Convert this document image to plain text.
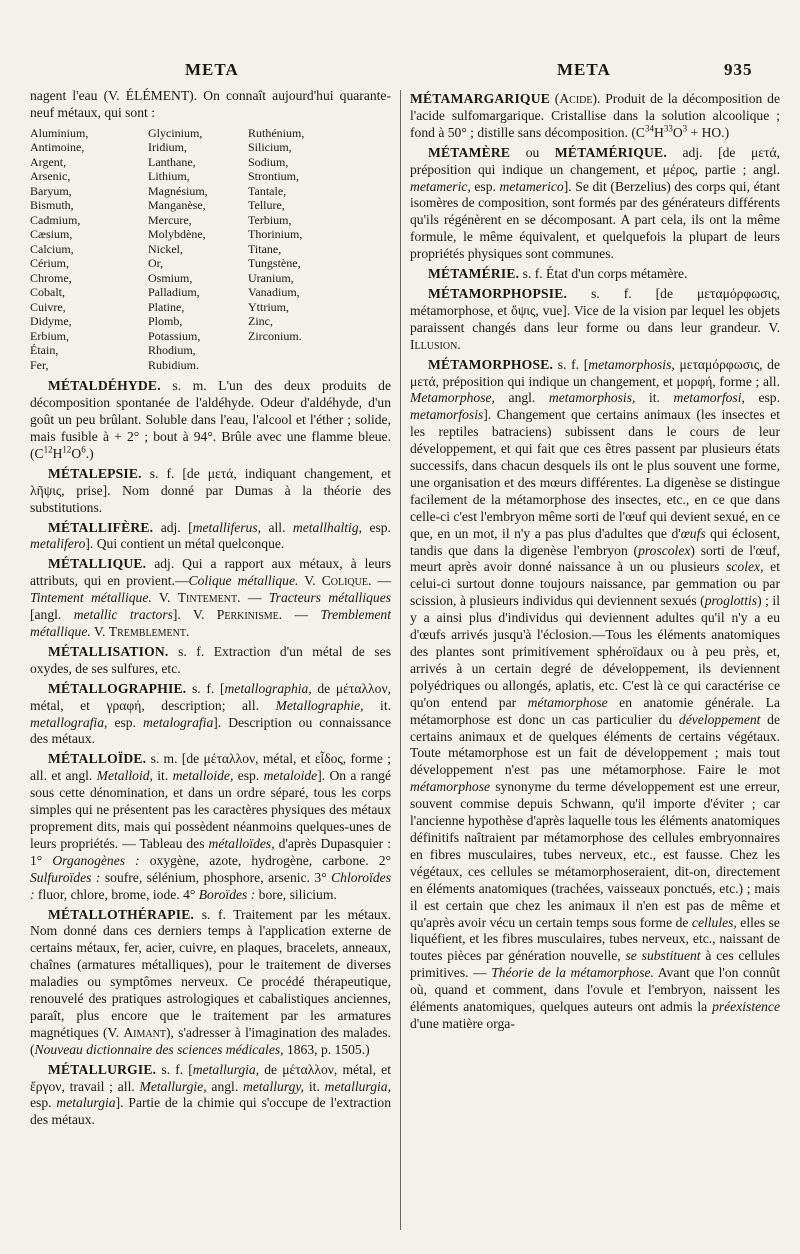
META	META	935

nagent l'eau (V. ÉLÉMENT). On connaît aujourd'hui quarante-neuf métaux, qui sont :

Aluminium,
Antimoine,
Argent,
Arsenic,
Baryum,
Bismuth,
Cadmium,
Cæsium,
Calcium,
Cérium,
Chrome,
Cobalt,
Cuivre,
Didyme,
Erbium,
Étain,
Fer,
Glycinium,
Iridium,
Lanthane,
Lithium,
Magnésium,
Manganèse,
Mercure,
Molybdène,
Nickel,
Or,
Osmium,
Palladium,
Platine,
Plomb,
Potassium,
Rhodium,
Rubidium.
Ruthénium,
Silicium,
Sodium,
Strontium,
Tantale,
Tellure,
Terbium,
Thorinium,
Titane,
Tungstène,
Uranium,
Vanadium,
Yttrium,
Zinc,
Zirconium.

MÉTALDÉHYDE. s. m. L'un des deux produits de décomposition spontanée de l'aldéhyde. Odeur d'aldéhyde, d'un goût un peu brûlant. Soluble dans l'eau, l'alcool et l'éther ; solide, mais fusible à + 2° ; bout à 94°. Brûle avec une flamme bleue. $(C^{12}H^{12}O^6.)$

MÉTALEPSIE. s. f. [de μετά, indiquant changement, et λῆψις, prise]. Nom donné par Dumas à la théorie des substitutions.

MÉTALLIFÈRE. adj. [metalliferus, all. metallhaltig, esp. metalifero]. Qui contient un métal quelconque.

MÉTALLIQUE. adj. Qui a rapport aux métaux, à leurs attributs, qui en provient.—Colique métallique. V. Colique. — Tintement métallique. V. Tintement. — Tracteurs métalliques [angl. metallic tractors]. V. Perkinisme. — Tremblement métallique. V. Tremblement.

MÉTALLISATION. s. f. Extraction d'un métal de ses oxydes, de ses sulfures, etc.

MÉTALLOGRAPHIE. s. f. [metallographia, de μέταλλον, métal, et γραφή, description; all. Metallographie, it. metallografia, esp. metalografia]. Description ou connaissance des métaux.

MÉTALLOÏDE. s. m. [de μέταλλον, métal, et εἶδος, forme ; all. et angl. Metalloid, it. metalloide, esp. metaloide]. On a rangé sous cette dénomination, et dans un ordre séparé, tous les corps simples qui ne présentent pas les caractères physiques des métaux proprement dits, mais qui possèdent néanmoins quelques-unes de leurs propriétés. — Tableau des métalloïdes, d'après Dupasquier : 1° Organogènes : oxygène, azote, hydrogène, carbone. 2° Sulfuroïdes : soufre, sélénium, phosphore, arsenic. 3° Chloroïdes : fluor, chlore, brome, iode. 4° Boroïdes : bore, silicium.

MÉTALLOTHÉRAPIE. s. f. Traitement par les métaux. Nom donné dans ces derniers temps à l'application externe de certains métaux, fer, acier, cuivre, en plaques, bracelets, anneaux, chaînes (armatures métalliques), pour le traitement de diverses maladies ou symptômes nerveux. Ce procédé thérapeutique, renouvelé des pratiques astrologiques et cabalistiques anciennes, paraît, plus encore que le traitement par les armatures magnétiques (V. Aimant), s'adresser à l'imagination des malades. (Nouveau dictionnaire des sciences médicales, 1863, p. 1505.)

MÉTALLURGIE. s. f. [metallurgia, de μέταλλον, métal, et ἔργον, travail ; all. Metallurgie, angl. metallurgy, it. metallurgia, esp. metalurgia]. Partie de la chimie qui s'occupe de l'extraction des métaux.

MÉTAMARGARIQUE (Acide). Produit de la décomposition de l'acide sulfomargarique. Cristallise dans la solution alcoolique ; fond à 50° ; distille sans décomposition. $(C^{34}H^{33}O^3 + HO.)$

MÉTAMÈRE ou MÉTAMÉRIQUE. adj. [de μετά, préposition qui indique un changement, et μέρος, partie ; angl. metameric, esp. metamerico]. Se dit (Berzelius) des corps qui, étant isomères de composition, sont formés par des générateurs différents qu'ils régénèrent en se décomposant. A part cela, ils ont la même formule, le même équivalent, et quelquefois la plupart de leurs propriétés physiques sont communes.

MÉTAMÉRIE. s. f. État d'un corps métamère.

MÉTAMORPHOPSIE. s. f. [de μεταμόρφωσις, métamorphose, et ὄψις, vue]. Vice de la vision par lequel les objets paraissent changés dans leur forme ou dans leur grandeur. V. Illusion.

MÉTAMORPHOSE. s. f. [metamorphosis, μεταμόρφωσις, de μετά, préposition qui indique un changement, et μορφή, forme ; all. Metamorphose, angl. metamorphosis, it. metamorfosi, esp. metamorfosis]. Changement que certains animaux (les insectes et les reptiles batraciens) subissent dans le cours de leur développement, et qui fait que ces êtres passent par plusieurs états successifs, dans chacun desquels ils ont le plus souvent une forme, une organisation et des mœurs différentes. La digenèse se distingue facilement de la métamorphose des insectes, etc., en ce que dans celle-ci c'est l'embryon même sorti de l'œuf qui devient sexué, en ce que, en un mot, il n'y a pas plus d'adultes que d'œufs qui éclosent, tandis que dans la digenèse l'embryon (proscolex) sorti de l'œuf, meurt après avoir donné naissance à un ou plusieurs scolex, et celui-ci surtout donne toujours naissance, par gemmation ou par scission, à plusieurs individus qui deviennent sexués (proglottis) ; il y a ainsi plus d'individus qui deviennent adultes qu'il n'y a eu d'œufs arrivés jusqu'à l'éclosion.—Tous les éléments anatomiques des plantes sont primitivement sphéroïdaux ou à peu près, et, arrivés à un certain degré de développement, ils deviennent polyédriques ou allongés, aplatis, etc. C'est là ce qui caractérise ce qu'on entend par métamorphose en anatomie générale. La métamorphose est donc un cas particulier du développement de certains animaux et de quelques éléments de certains végétaux. Toute métamorphose est un fait de développement ; mais tout développement n'est pas une métamorphose. Faire le mot métamorphose synonyme du terme développement est une erreur, souvent commise depuis Schwann, qu'il importe d'éviter ; car l'ancienne hypothèse d'après laquelle tous les éléments anatomiques définitifs naîtraient par métamorphose des cellules embryonnaires en fibres musculaires, tubes nerveux, etc., est fausse. Chez les végétaux, ces cellules se métamorphoseraient, dit-on, directement en éléments anatomiques (trachées, vaisseaux ponctués, etc.) ; mais il est certain que chez les animaux il n'en est pas de même et qu'après avoir vécu un certain temps sous forme de cellules, elles se liquéfient, et les fibres musculaires, tubes nerveux, etc., naissant de toutes pièces par génération nouvelle, se substituent à ces cellules primitives. — Théorie de la métamorphose. Avant que l'on connût où, quand et comment, dans l'ovule et l'embryon, naissent les éléments anatomiques, quelques auteurs ont admis la préexistence d'une matière orga-
